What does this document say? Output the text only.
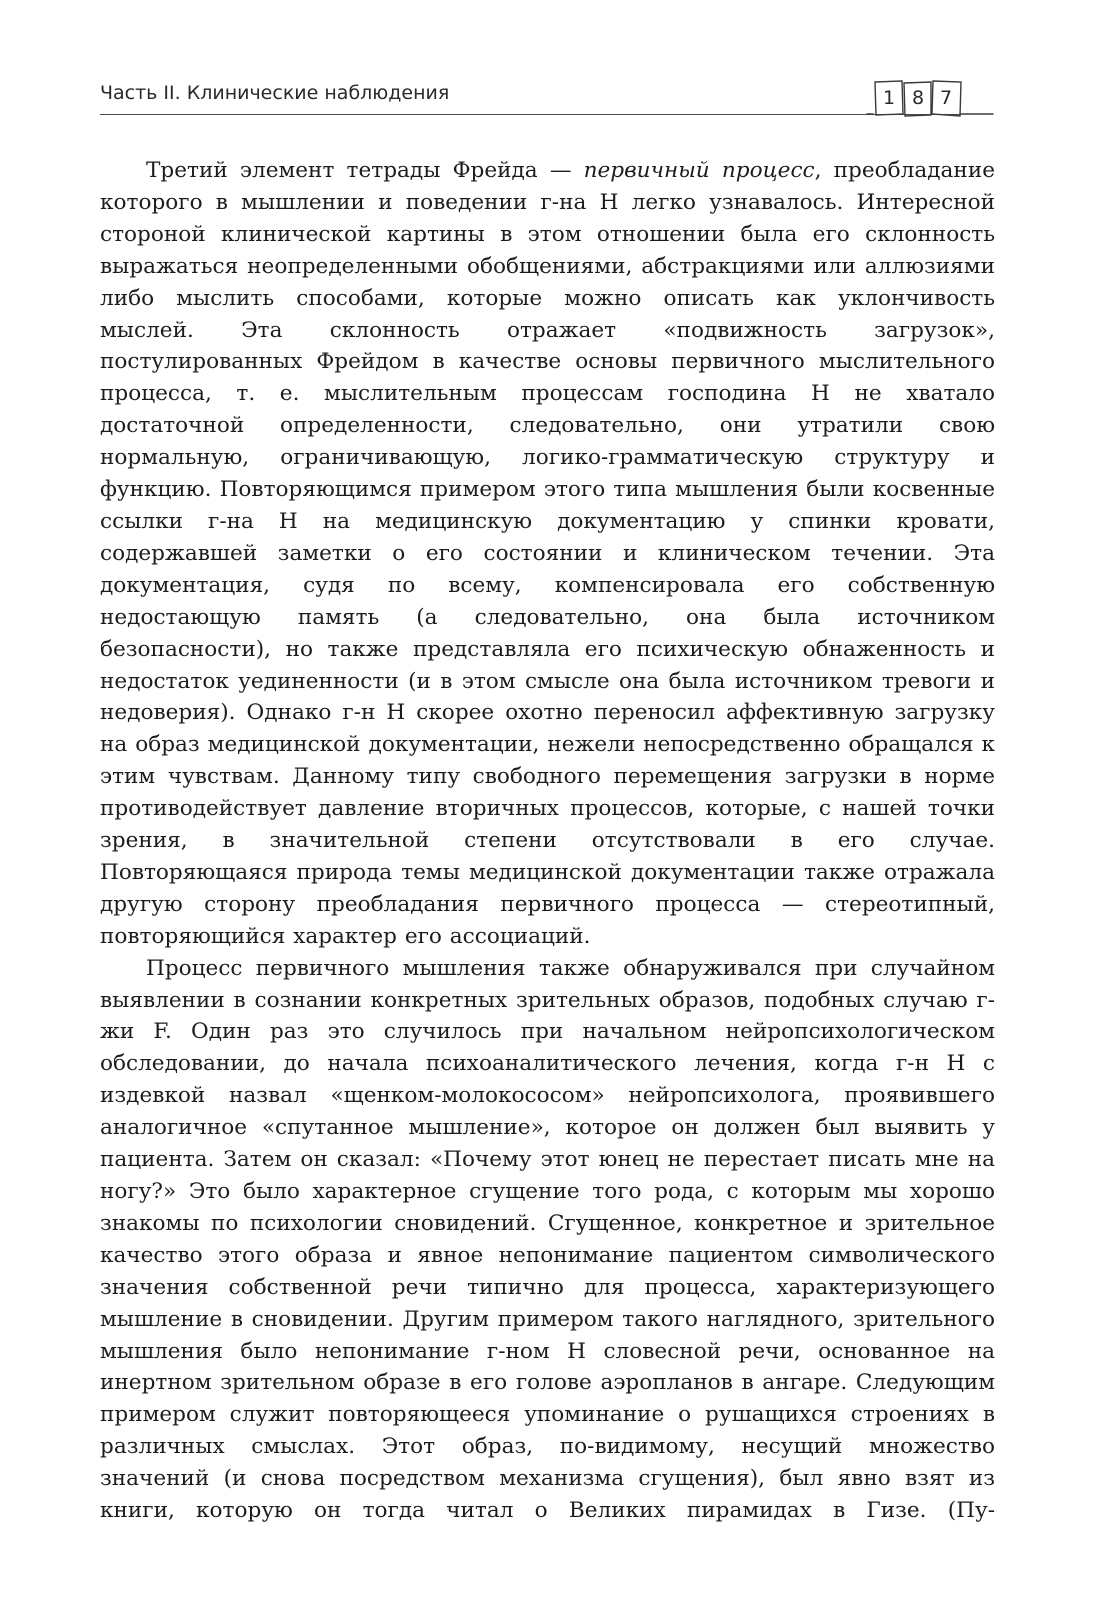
Часть II. Клинические наблюдения	1 8 7

Третий элемент тетрады Фрейда — первичный процесс, преобладание которого в мышлении и поведении г-на Н легко узнавалось. Интересной стороной клинической картины в этом отношении была его склонность выражаться неопределенными обобщениями, абстракциями или аллюзиями либо мыслить способами, которые можно описать как уклончивость мыслей. Эта склонность отражает «подвижность загрузок», постулированных Фрейдом в качестве основы первичного мыслительного процесса, т. е. мыслительным процессам господина Н не хватало достаточной определенности, следовательно, они утратили свою нормальную, ограничивающую, логико-грамматическую структуру и функцию. Повторяющимся примером этого типа мышления были косвенные ссылки г-на Н на медицинскую документацию у спинки кровати, содержавшей заметки о его состоянии и клиническом течении. Эта документация, судя по всему, компенсировала его собственную недостающую память (а следовательно, она была источником безопасности), но также представляла его психическую обнаженность и недостаток уединенности (и в этом смысле она была источником тревоги и недоверия). Однако г-н Н скорее охотно переносил аффективную загрузку на образ медицинской документации, нежели непосредственно обращался к этим чувствам. Данному типу свободного перемещения загрузки в норме противодействует давление вторичных процессов, которые, с нашей точки зрения, в значительной степени отсутствовали в его случае. Повторяющаяся природа темы медицинской документации также отражала другую сторону преобладания первичного процесса — стереотипный, повторяющийся характер его ассоциаций.

Процесс первичного мышления также обнаруживался при случайном выявлении в сознании конкретных зрительных образов, подобных случаю г-жи F. Один раз это случилось при начальном нейропсихологическом обследовании, до начала психоаналитического лечения, когда г-н Н с издевкой назвал «щенком-молокососом» нейропсихолога, проявившего аналогичное «спутанное мышление», которое он должен был выявить у пациента. Затем он сказал: «Почему этот юнец не перестает писать мне на ногу?» Это было характерное сгущение того рода, с которым мы хорошо знакомы по психологии сновидений. Сгущенное, конкретное и зрительное качество этого образа и явное непонимание пациентом символического значения собственной речи типично для процесса, характеризующего мышление в сновидении. Другим примером такого наглядного, зрительного мышления было непонимание г-ном Н словесной речи, основанное на инертном зрительном образе в его голове аэропланов в ангаре. Следующим примером служит повторяющееся упоминание о рушащихся строениях в различных смыслах. Этот образ, по-видимому, несущий множество значений (и снова посредством механизма сгущения), был явно взят из книги, которую он тогда читал о Великих пирамидах в Гизе. (Пу-
